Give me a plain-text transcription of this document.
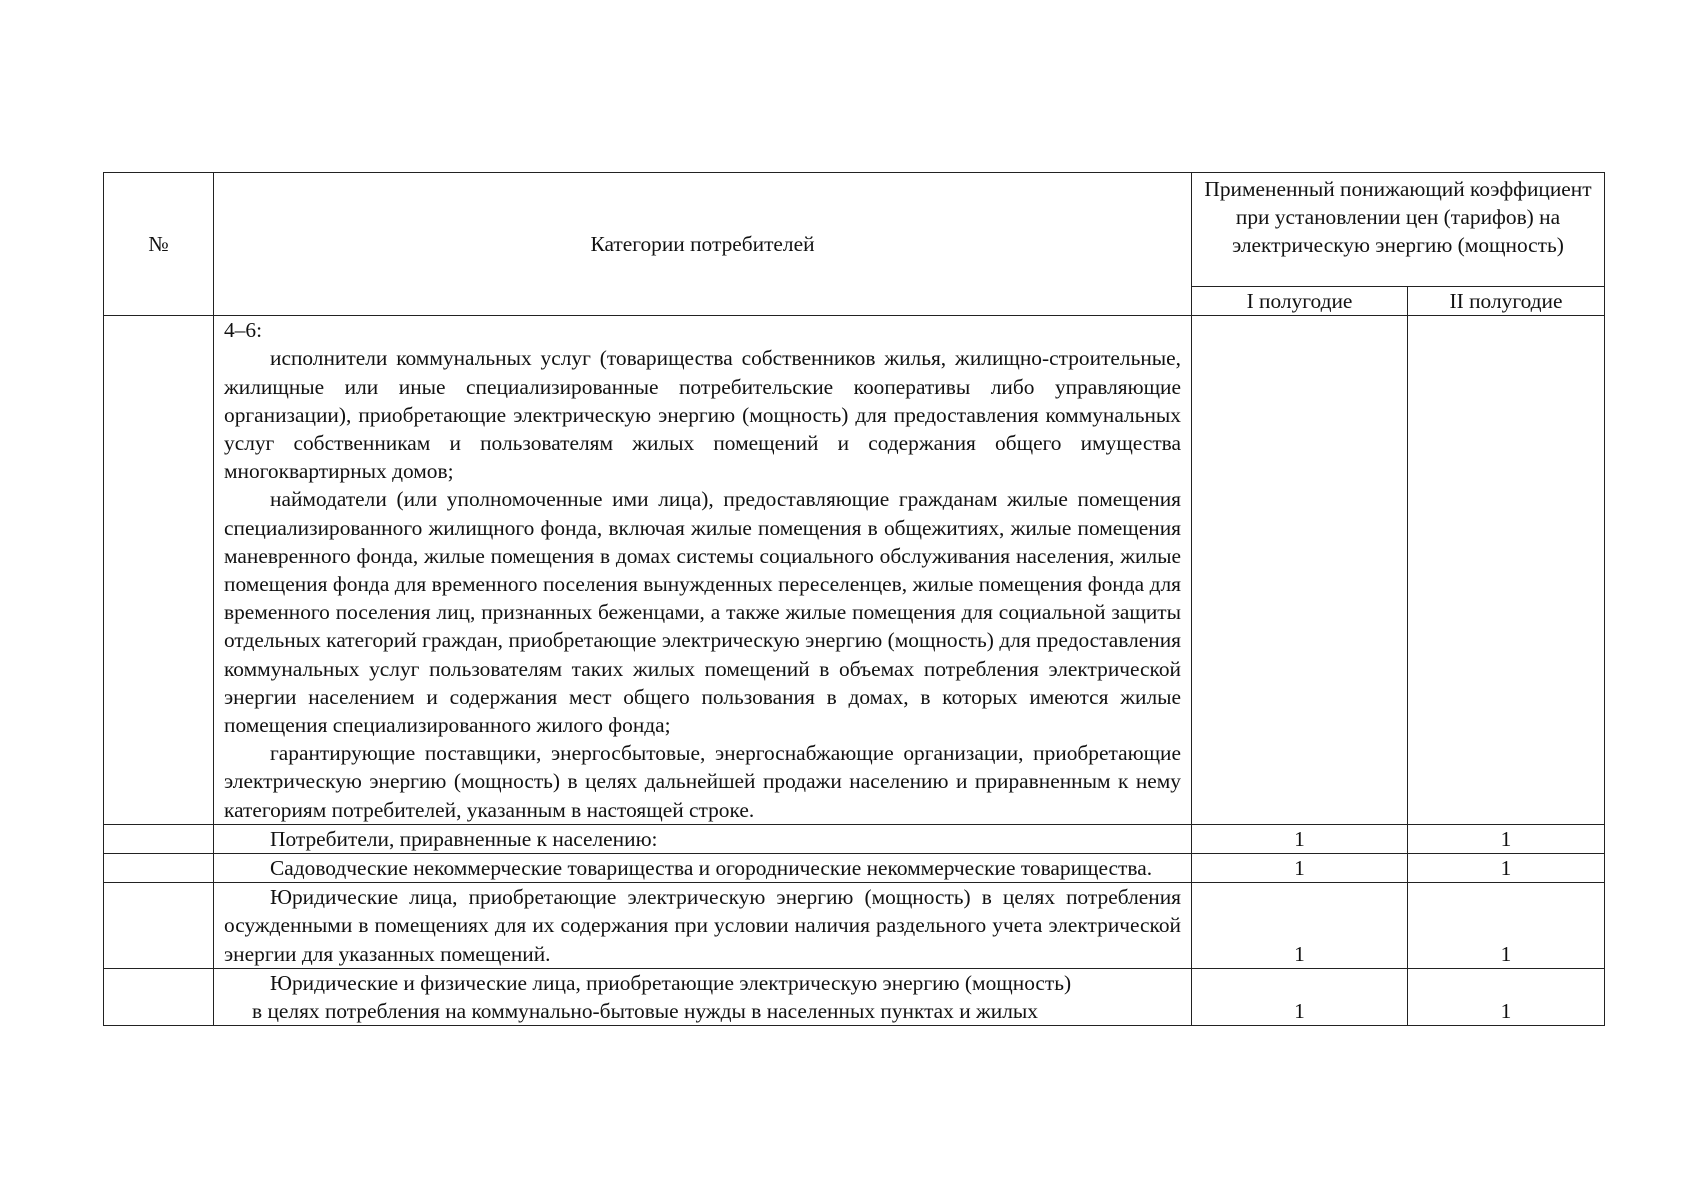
№	Категории потребителей	Примененный понижающий коэффициент при установлении цен (тарифов) на электрическую энергию (мощность)	
		I полугодие	II полугодие

	4–6:

исполнители коммунальных услуг (товарищества собственников жилья, жилищно-строительные, жилищные или иные специализированные потребительские кооперативы либо управляющие организации), приобретающие электрическую энергию (мощность) для предоставления коммунальных услуг собственникам и пользователям жилых помещений и содержания общего имущества многоквартирных домов;

наймодатели (или уполномоченные ими лица), предоставляющие гражданам жилые помещения специализированного жилищного фонда, включая жилые помещения в общежитиях, жилые помещения маневренного фонда, жилые помещения в домах системы социального обслуживания населения, жилые помещения фонда для временного поселения вынужденных переселенцев, жилые помещения фонда для временного поселения лиц, признанных беженцами, а также жилые помещения для социальной защиты отдельных категорий граждан, приобретающие электрическую энергию (мощность) для предоставления коммунальных услуг пользователям таких жилых помещений в объемах потребления электрической энергии населением и содержания мест общего пользования в домах, в которых имеются жилые помещения специализированного жилого фонда;

гарантирующие поставщики, энергосбытовые, энергоснабжающие организации, приобретающие электрическую энергию (мощность) в целях дальнейшей продажи населению и приравненным к нему категориям потребителей, указанным в настоящей строке.		

	Потребители, приравненные к населению:	1	1

	Садоводческие некоммерческие товарищества и огороднические некоммерческие товарищества.	1	1

	Юридические лица, приобретающие электрическую энергию (мощность) в целях потребления осужденными в помещениях для их содержания при условии наличия раздельного учета электрической энергии для указанных помещений.	1	1

	Юридические и физические лица, приобретающие электрическую энергию (мощность)
в целях потребления на коммунально-бытовые нужды в населенных пунктах и жилых	1	1
